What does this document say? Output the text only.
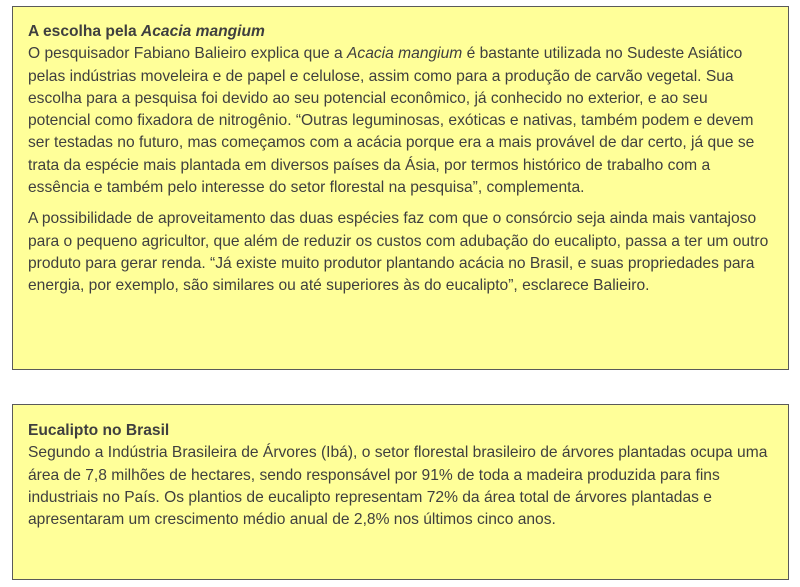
A escolha pela Acacia mangium

O pesquisador Fabiano Balieiro explica que a Acacia mangium é bastante utilizada no Sudeste Asiático pelas indústrias moveleira e de papel e celulose, assim como para a produção de carvão vegetal. Sua escolha para a pesquisa foi devido ao seu potencial econômico, já conhecido no exterior, e ao seu potencial como fixadora de nitrogênio. “Outras leguminosas, exóticas e nativas, também podem e devem ser testadas no futuro, mas começamos com a acácia porque era a mais provável de dar certo, já que se trata da espécie mais plantada em diversos países da Ásia, por termos histórico de trabalho com a essência e também pelo interesse do setor florestal na pesquisa”, complementa.

A possibilidade de aproveitamento das duas espécies faz com que o consórcio seja ainda mais vantajoso para o pequeno agricultor, que além de reduzir os custos com adubação do eucalipto, passa a ter um outro produto para gerar renda. “Já existe muito produtor plantando acácia no Brasil, e suas propriedades para energia, por exemplo, são similares ou até superiores às do eucalipto”, esclarece Balieiro.

Eucalipto no Brasil

Segundo a Indústria Brasileira de Árvores (Ibá), o setor florestal brasileiro de árvores plantadas ocupa uma área de 7,8 milhões de hectares, sendo responsável por 91% de toda a madeira produzida para fins industriais no País. Os plantios de eucalipto representam 72% da área total de árvores plantadas e apresentaram um crescimento médio anual de 2,8% nos últimos cinco anos.
